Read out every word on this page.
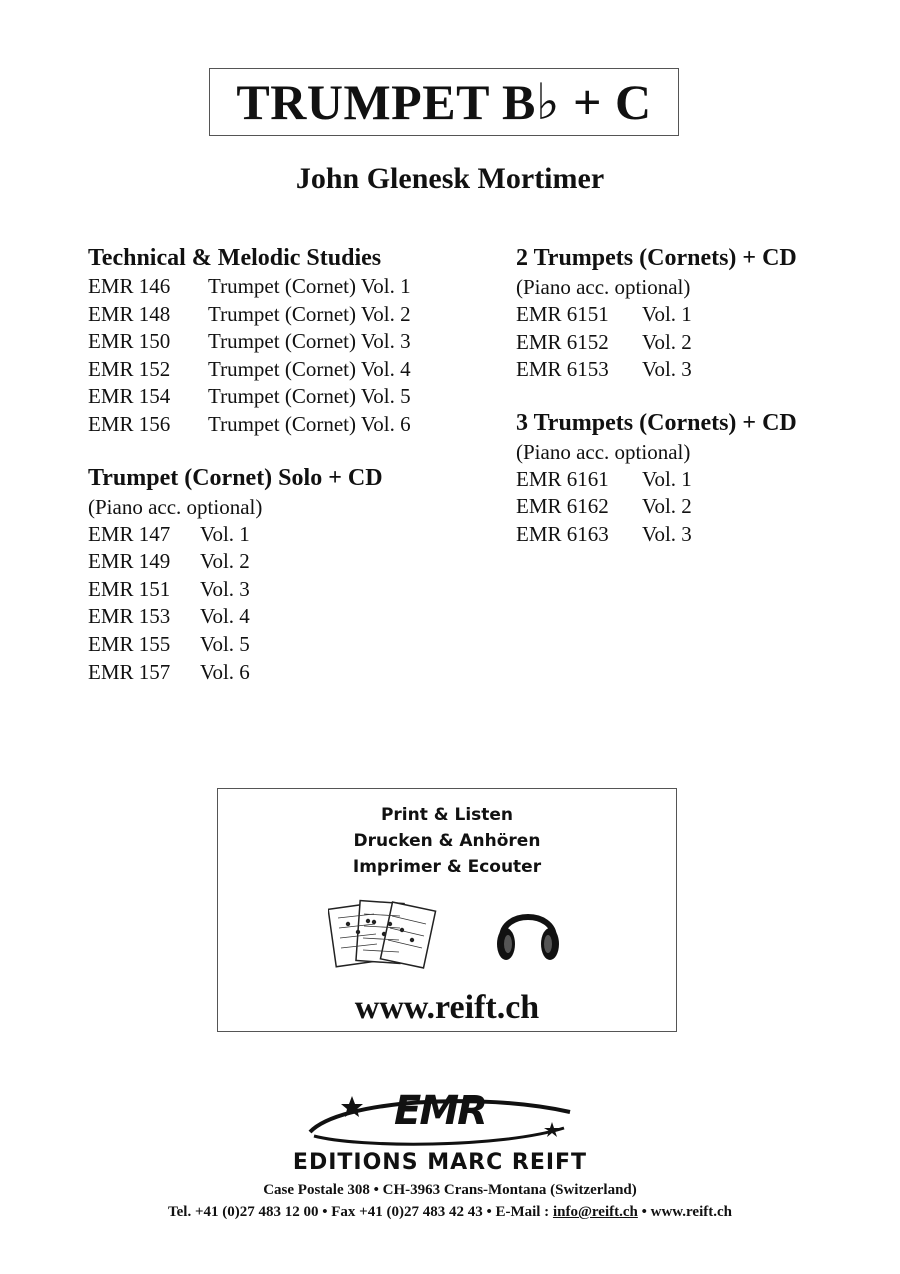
TRUMPET B♭ + C
John Glenesk Mortimer
Technical & Melodic Studies
EMR 146 Trumpet (Cornet) Vol. 1
EMR 148 Trumpet (Cornet) Vol. 2
EMR 150 Trumpet (Cornet) Vol. 3
EMR 152 Trumpet (Cornet) Vol. 4
EMR 154 Trumpet (Cornet) Vol. 5
EMR 156 Trumpet (Cornet) Vol. 6
Trumpet (Cornet) Solo + CD
(Piano acc. optional)
EMR 147 Vol. 1
EMR 149 Vol. 2
EMR 151 Vol. 3
EMR 153 Vol. 4
EMR 155 Vol. 5
EMR 157 Vol. 6
2 Trumpets (Cornets) + CD
(Piano acc. optional)
EMR 6151 Vol. 1
EMR 6152 Vol. 2
EMR 6153 Vol. 3
3 Trumpets (Cornets) + CD
(Piano acc. optional)
EMR 6161 Vol. 1
EMR 6162 Vol. 2
EMR 6163 Vol. 3
Print & Listen
Drucken & Anhören
Imprimer & Ecouter
www.reift.ch
EMR
EDITIONS MARC REIFT
Case Postale 308 • CH-3963 Crans-Montana (Switzerland)
Tel. +41 (0)27 483 12 00 • Fax +41 (0)27 483 42 43 • E-Mail : info@reift.ch • www.reift.ch
